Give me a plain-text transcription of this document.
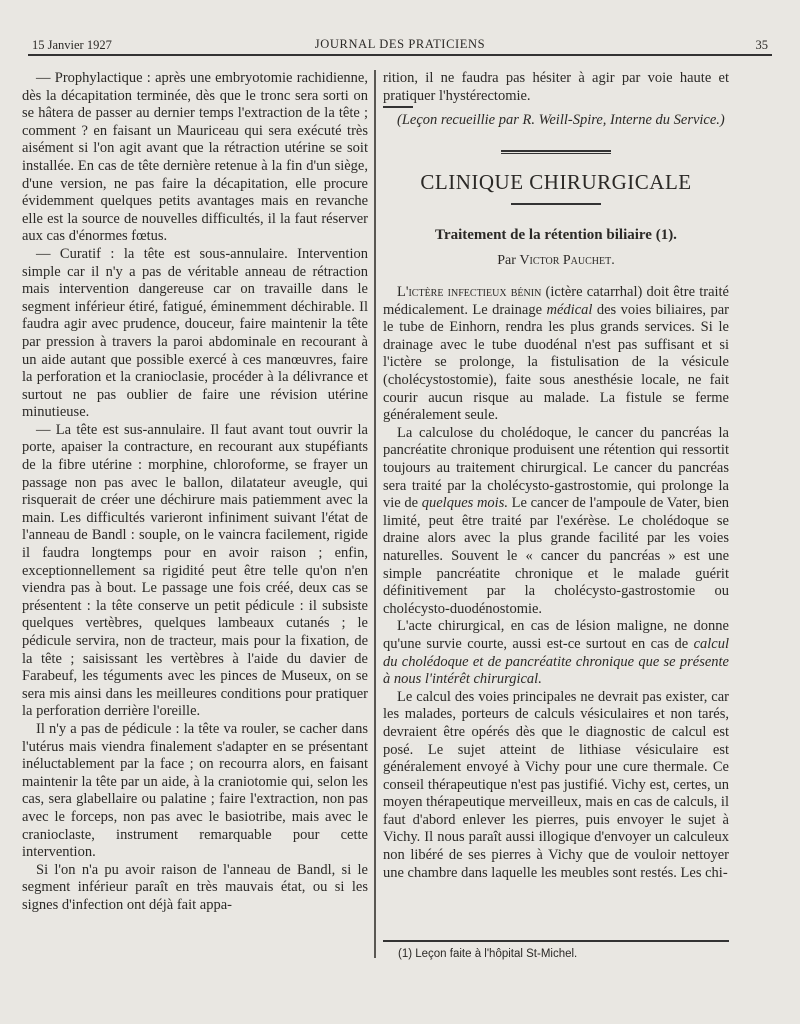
15 Janvier 1927	JOURNAL DES PRATICIENS	35

— Prophylactique : après une embryotomie rachidienne, dès la décapitation terminée, dès que le tronc sera sorti on se hâtera de passer au dernier temps l'extraction de la tête ; comment ? en faisant un Mauriceau qui sera exécuté très aisément si l'on agit avant que la rétraction utérine se soit installée. En cas de tête dernière retenue à la fin d'un siège, d'une version, ne pas faire la décapitation, elle procure évidemment quelques petits avantages mais en revanche elle est la source de nouvelles difficultés, il la faut réserver aux cas d'énormes fœtus.

— Curatif : la tête est sous-annulaire. Intervention simple car il n'y a pas de véritable anneau de rétraction mais intervention dangereuse car on travaille dans le segment inférieur étiré, fatigué, éminemment déchirable. Il faudra agir avec prudence, douceur, faire maintenir la tête par pression à travers la paroi abdominale en recourant à un aide autant que possible exercé à ces manœuvres, faire la perforation et la cranioclasie, procéder à la délivrance et surtout ne pas oublier de faire une révision utérine minutieuse.

— La tête est sus-annulaire. Il faut avant tout ouvrir la porte, apaiser la contracture, en recourant aux stupéfiants de la fibre utérine : morphine, chloroforme, se frayer un passage non pas avec le ballon, dilatateur aveugle, qui risquerait de créer une déchirure mais patiemment avec la main. Les difficultés varieront infiniment suivant l'état de l'anneau de Bandl : souple, on le vaincra facilement, rigide il faudra longtemps pour en avoir raison ; enfin, exceptionnellement sa rigidité peut être telle qu'on n'en viendra pas à bout. Le passage une fois créé, deux cas se présentent : la tête conserve un petit pédicule : il subsiste quelques vertèbres, quelques lambeaux cutanés ; le pédicule servira, non de tracteur, mais pour la fixation, de la tête ; saisissant les vertèbres à l'aide du davier de Farabeuf, les téguments avec les pinces de Museux, on se sera mis ainsi dans les meilleures conditions pour pratiquer la perforation derrière l'oreille.

Il n'y a pas de pédicule : la tête va rouler, se cacher dans l'utérus mais viendra finalement s'adapter en se présentant inéluctablement par la face ; on recourra alors, en faisant maintenir la tête par un aide, à la craniotomie qui, selon les cas, sera glabellaire ou palatine ; faire l'extraction, non pas avec le forceps, non pas avec le basiotribe, mais avec le cranioclaste, instrument remarquable pour cette intervention.

Si l'on n'a pu avoir raison de l'anneau de Bandl, si le segment inférieur paraît en très mauvais état, ou si les signes d'infection ont déjà fait appa-

rition, il ne faudra pas hésiter à agir par voie haute et pratiquer l'hystérectomie.

(Leçon recueillie par R. Weill-Spire, Interne du Service.)

CLINIQUE CHIRURGICALE
Traitement de la rétention biliaire (1).
Par Victor Pauchet.

L'ictère infectieux bénin (ictère catarrhal) doit être traité médicalement. Le drainage médical des voies biliaires, par le tube de Einhorn, rendra les plus grands services. Si le drainage avec le tube duodénal n'est pas suffisant et si l'ictère se prolonge, la fistulisation de la vésicule (cholécystostomie), faite sous anesthésie locale, ne fait courir aucun risque au malade. La fistule se ferme généralement seule.

La calculose du cholédoque, le cancer du pancréas la pancréatite chronique produisent une rétention qui ressortit toujours au traitement chirurgical. Le cancer du pancréas sera traité par la cholécysto-gastrostomie, qui prolonge la vie de quelques mois. Le cancer de l'ampoule de Vater, bien limité, peut être traité par l'exérèse. Le cholédoque se draine alors avec la plus grande facilité par les voies naturelles. Souvent le « cancer du pancréas » est une simple pancréatite chronique et le malade guérit définitivement par la cholécysto-gastrostomie ou cholécysto-duodénostomie.

L'acte chirurgical, en cas de lésion maligne, ne donne qu'une survie courte, aussi est-ce surtout en cas de calcul du cholédoque et de pancréatite chronique que se présente à nous l'intérêt chirurgical.

Le calcul des voies principales ne devrait pas exister, car les malades, porteurs de calculs vésiculaires et non tarés, devraient être opérés dès que le diagnostic de calcul est posé. Le sujet atteint de lithiase vésiculaire est généralement envoyé à Vichy pour une cure thermale. Ce conseil thérapeutique n'est pas justifié. Vichy est, certes, un moyen thérapeutique merveilleux, mais en cas de calculs, il faut d'abord enlever les pierres, puis envoyer le sujet à Vichy. Il nous paraît aussi illogique d'envoyer un calculeux non libéré de ses pierres à Vichy que de vouloir nettoyer une chambre dans laquelle les meubles sont restés. Les chi-

(1) Leçon faite à l'hôpital St-Michel.
